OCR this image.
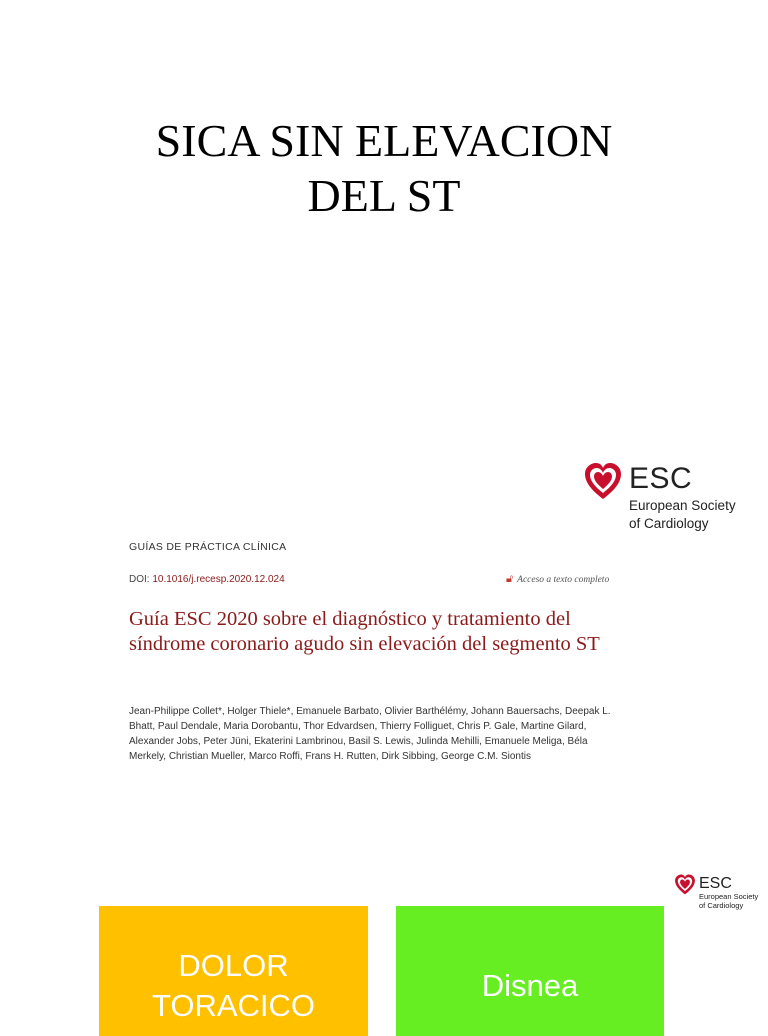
SICA SIN ELEVACION
DEL ST
ESC
European Society
of Cardiology
GUÍAS DE PRÁCTICA CLÍNICA
DOI: 10.1016/j.recesp.2020.12.024	🔓︎ Acceso a texto completo
Guía ESC 2020 sobre el diagnóstico y tratamiento del síndrome coronario agudo sin elevación del segmento ST
Jean-Philippe Collet*, Holger Thiele*, Emanuele Barbato, Olivier Barthélémy, Johann Bauersachs, Deepak L. Bhatt, Paul Dendale, Maria Dorobantu, Thor Edvardsen, Thierry Folliguet, Chris P. Gale, Martine Gilard, Alexander Jobs, Peter Jüni, Ekaterini Lambrinou, Basil S. Lewis, Julinda Mehilli, Emanuele Meliga, Béla Merkely, Christian Mueller, Marco Roffi, Frans H. Rutten, Dirk Sibbing, George C.M. Siontis
ESC
European Society
of Cardiology
DOLOR
TORACICO
Disnea
